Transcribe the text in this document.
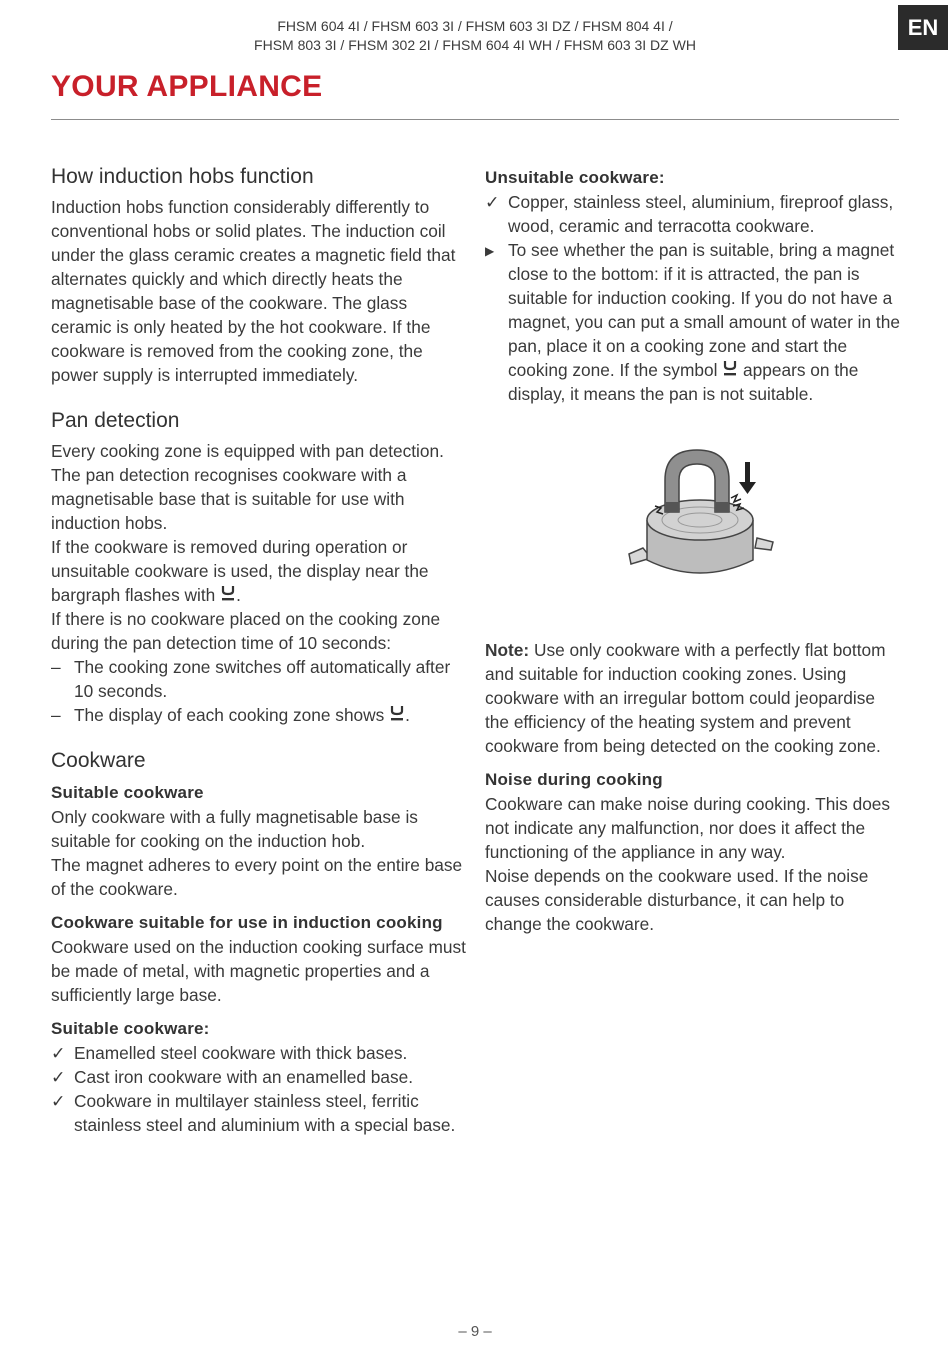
FHSM 604 4I / FHSM 603 3I / FHSM 603 3I DZ / FHSM 804 4I /
FHSM 803 3I / FHSM 302 2I / FHSM 604 4I WH / FHSM 603 3I DZ WH
EN
YOUR APPLIANCE
How induction hobs function

Induction hobs function considerably differently to conventional hobs or solid plates. The induction coil under the glass ceramic creates a magnetic field that alternates quickly and which directly heats the magnetisable base of the cookware. The glass ceramic is only heated by the hot cookware. If the cookware is removed from the cooking zone, the power supply is interrupted immediately.

Pan detection

Every cooking zone is equipped with pan detection. The pan detection recognises cookware with a magnetisable base that is suitable for use with induction hobs.

If the cookware is removed during operation or unsuitable cookware is used, the display near the bargraph flashes with .

If there is no cookware placed on the cooking zone during the pan detection time of 10 seconds:

– The cooking zone switches off automatically after 10 seconds.
– The display of each cooking zone shows .
Cookware
Suitable cookware

Only cookware with a fully magnetisable base is suitable for cooking on the induction hob.

The magnet adheres to every point on the entire base of the cookware.

Cookware suitable for use in induction cooking

Cookware used on the induction cooking surface must be made of metal, with magnetic properties and a sufficiently large base.

Suitable cookware:
✓ Enamelled steel cookware with thick bases.
✓ Cast iron cookware with an enamelled base.
✓ Cookware in multilayer stainless steel, ferritic stainless steel and aluminium with a special base.
Unsuitable cookware:
✓ Copper, stainless steel, aluminium, fireproof glass, wood, ceramic and terracotta cookware.
▶ To see whether the pan is suitable, bring a magnet close to the bottom: if it is attracted, the pan is suitable for induction cooking. If you do not have a magnet, you can put a small amount of water in the pan, place it on a cooking zone and start the cooking zone. If the symbol appears on the display, it means the pan is not suitable.

Note: Use only cookware with a perfectly flat bottom and suitable for induction cooking zones. Using cookware with an irregular bottom could jeopardise the efficiency of the heating system and prevent cookware from being detected on the cooking zone.

Noise during cooking

Cookware can make noise during cooking. This does not indicate any malfunction, nor does it affect the functioning of the appliance in any way.

Noise depends on the cookware used. If the noise causes considerable disturbance, it can help to change the cookware.

– 9 –
